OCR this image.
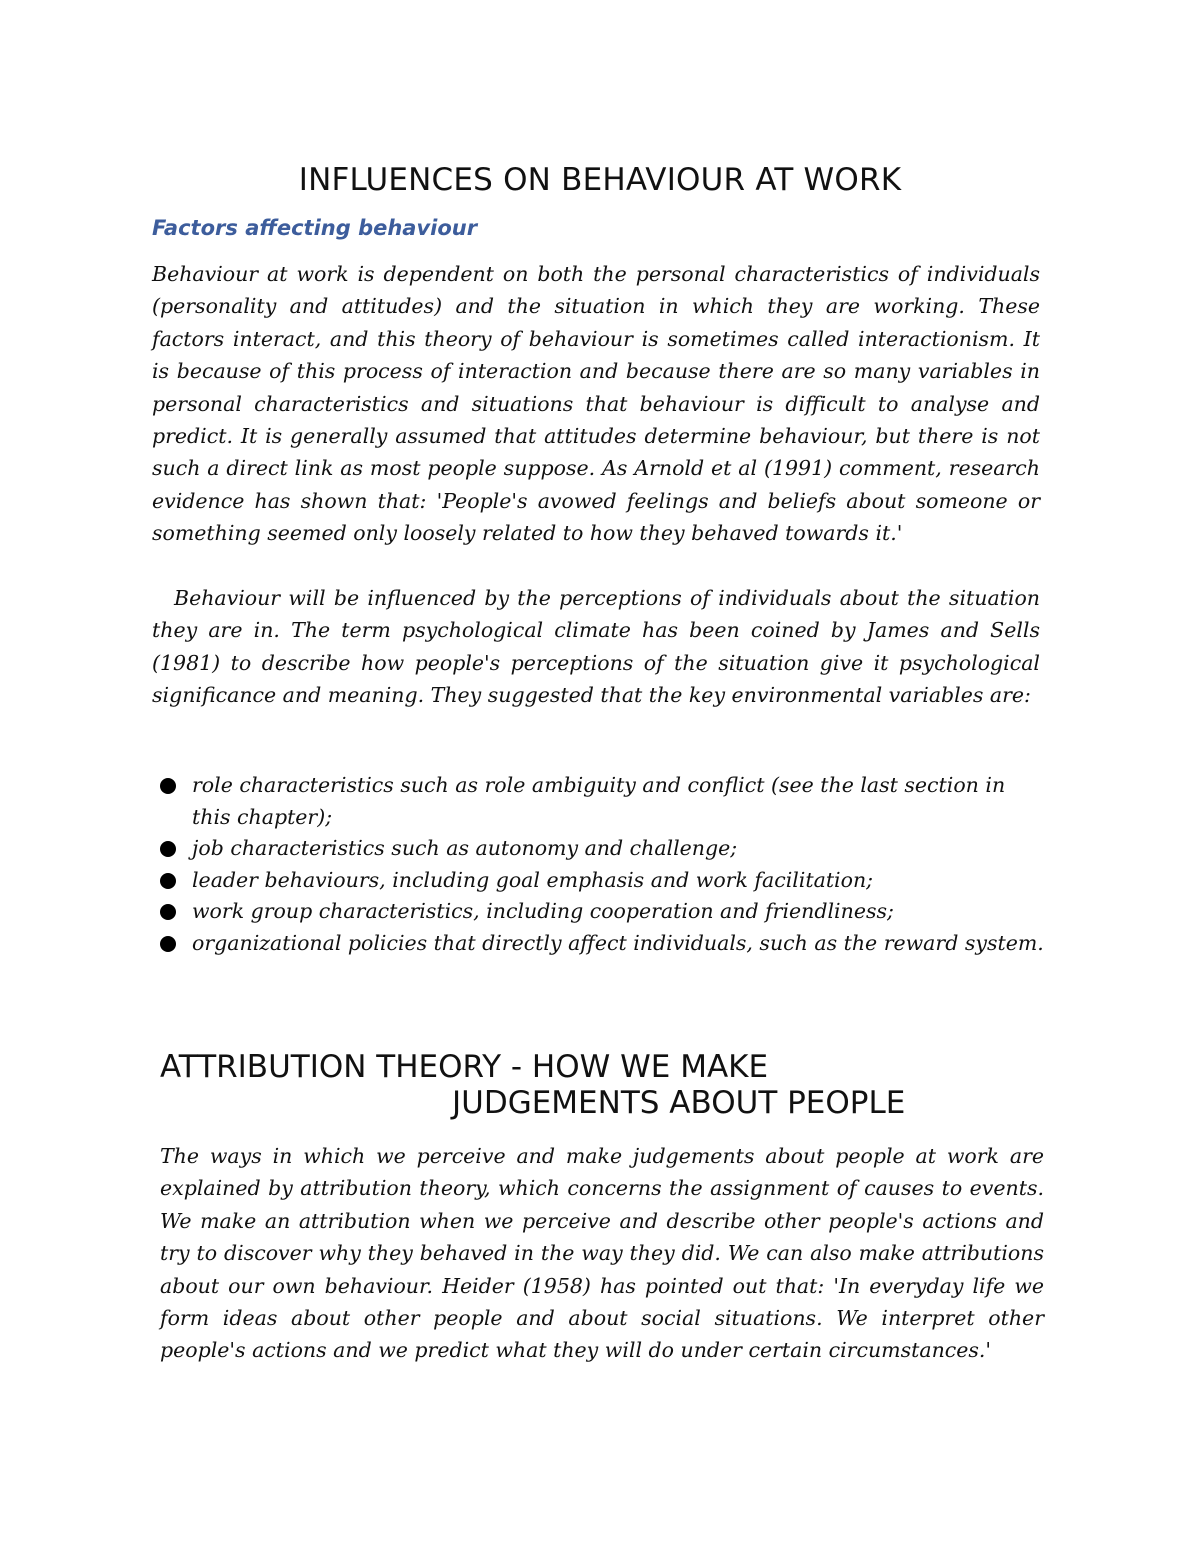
INFLUENCES ON BEHAVIOUR AT WORK
Factors affecting behaviour

Behaviour at work is dependent on both the personal characteristics of individuals (personality and attitudes) and the situation in which they are working. These factors interact, and this theory of behaviour is sometimes called interactionism. It is because of this process of interaction and because there are so many variables in personal characteristics and situations that behaviour is difficult to analyse and predict. It is generally assumed that attitudes determine behaviour, but there is not such a direct link as most people suppose. As Arnold et al (1991) comment, research evidence has shown that: 'People's avowed feelings and beliefs about someone or something seemed only loosely related to how they behaved towards it.'

Behaviour will be influenced by the perceptions of individuals about the situation they are in. The term psychological climate has been coined by James and Sells (1981) to describe how people's perceptions of the situation give it psychological significance and meaning. They suggested that the key environmental variables are:

role characteristics such as role ambiguity and conflict (see the last section in this chapter);
job characteristics such as autonomy and challenge;
leader behaviours, including goal emphasis and work facilitation;
work group characteristics, including cooperation and friendliness;
organizational policies that directly affect individuals, such as the reward system.
ATTRIBUTION THEORY - HOW WE MAKE
JUDGEMENTS ABOUT PEOPLE

The ways in which we perceive and make judgements about people at work are explained by attribution theory, which concerns the assignment of causes to events. We make an attribution when we perceive and describe other people's actions and try to discover why they behaved in the way they did. We can also make attributions about our own behaviour. Heider (1958) has pointed out that: 'In everyday life we form ideas about other people and about social situations. We interpret other people's actions and we predict what they will do under certain circumstances.'
